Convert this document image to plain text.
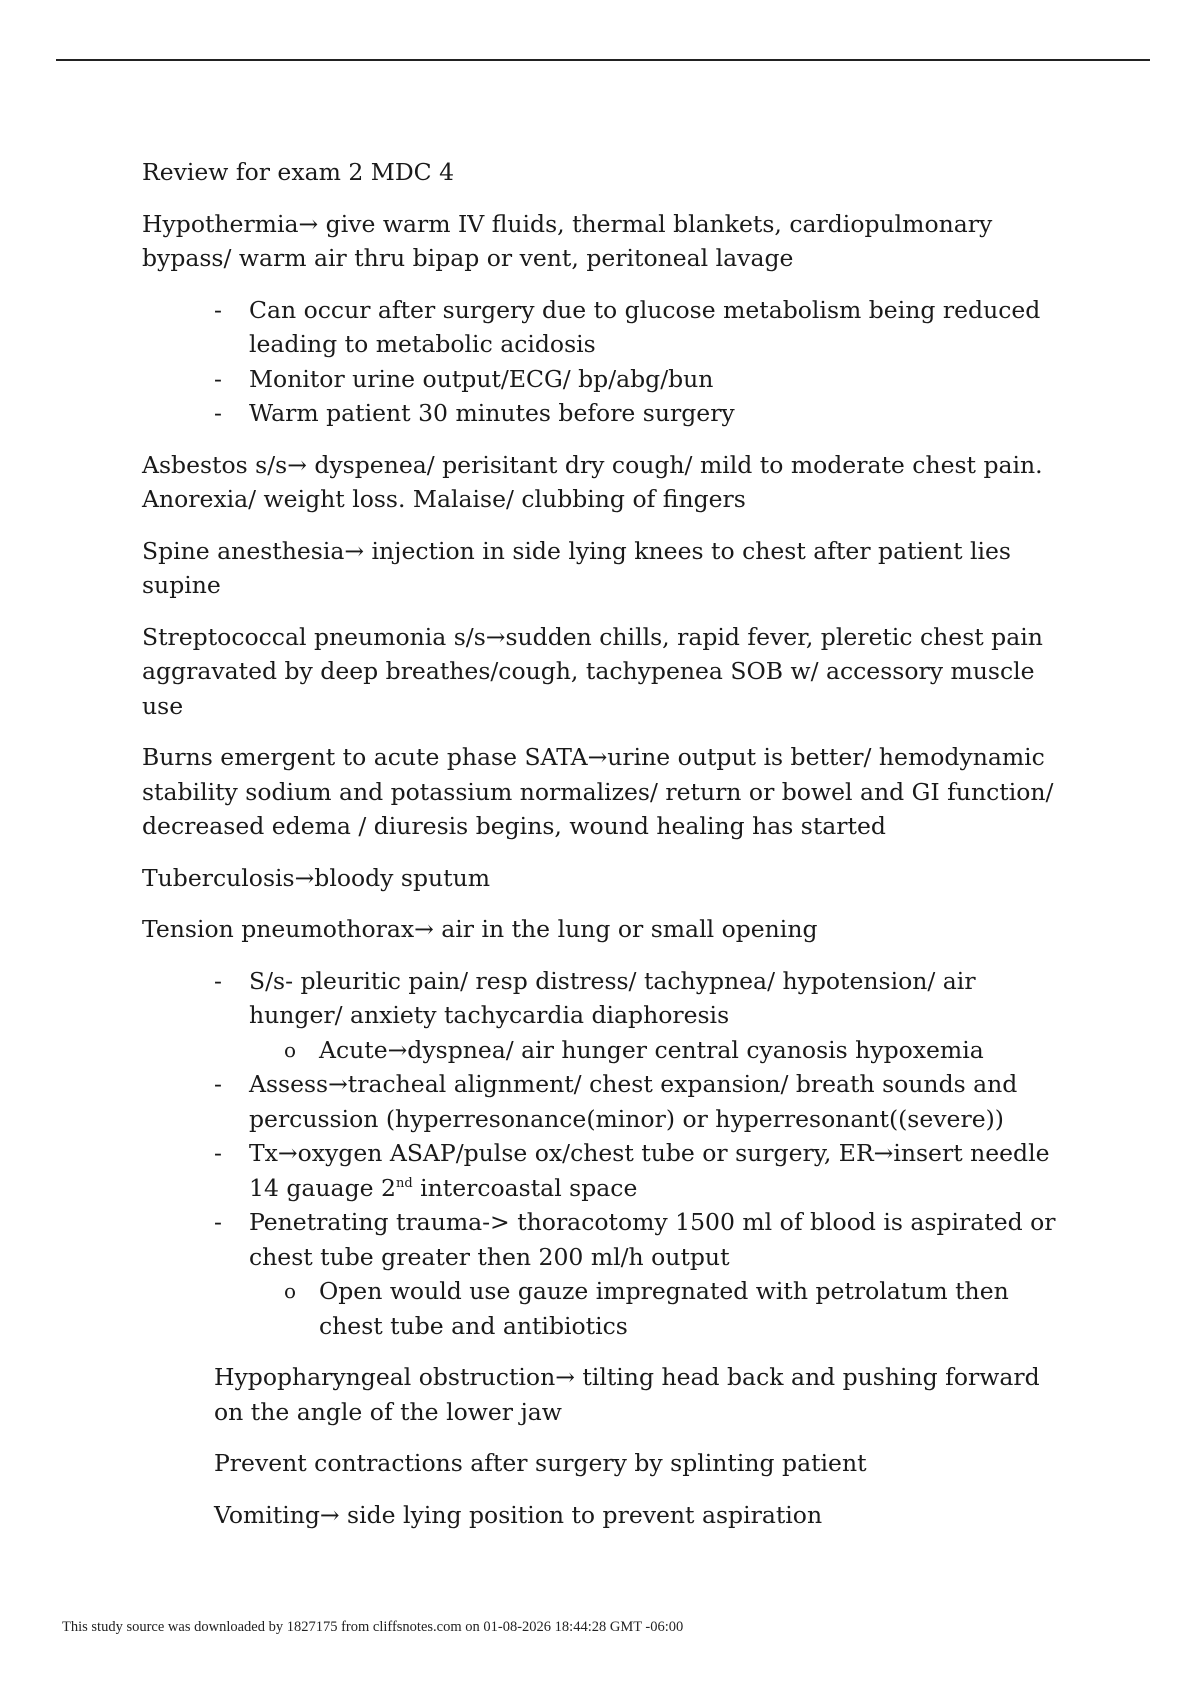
Review for exam 2 MDC 4

Hypothermia→ give warm IV fluids, thermal blankets, cardiopulmonary bypass/ warm air thru bipap or vent, peritoneal lavage

- Can occur after surgery due to glucose metabolism being reduced leading to metabolic acidosis
- Monitor urine output/ECG/ bp/abg/bun
- Warm patient 30 minutes before surgery

Asbestos s/s→ dyspenea/ perisitant dry cough/ mild to moderate chest pain. Anorexia/ weight loss. Malaise/ clubbing of fingers

Spine anesthesia→ injection in side lying knees to chest after patient lies supine

Streptococcal pneumonia s/s→sudden chills, rapid fever, pleretic chest pain aggravated by deep breathes/cough, tachypenea SOB w/ accessory muscle use

Burns emergent to acute phase SATA→urine output is better/ hemodynamic stability sodium and potassium normalizes/ return or bowel and GI function/ decreased edema / diuresis begins, wound healing has started

Tuberculosis→bloody sputum

Tension pneumothorax→ air in the lung or small opening

- S/s- pleuritic pain/ resp distress/ tachypnea/ hypotension/ air hunger/ anxiety tachycardia diaphoresis
o Acute→dyspnea/ air hunger central cyanosis hypoxemia
- Assess→tracheal alignment/ chest expansion/ breath sounds and percussion (hyperresonance(minor) or hyperresonant((severe))
- Tx→oxygen ASAP/pulse ox/chest tube or surgery, ER→insert needle 14 gauage 2nd intercoastal space
- Penetrating trauma-> thoracotomy 1500 ml of blood is aspirated or chest tube greater then 200 ml/h output
o Open would use gauze impregnated with petrolatum then chest tube and antibiotics

Hypopharyngeal obstruction→ tilting head back and pushing forward on the angle of the lower jaw

Prevent contractions after surgery by splinting patient

Vomiting→ side lying position to prevent aspiration

This study source was downloaded by 1827175 from cliffsnotes.com on 01-08-2026 18:44:28 GMT -06:00
